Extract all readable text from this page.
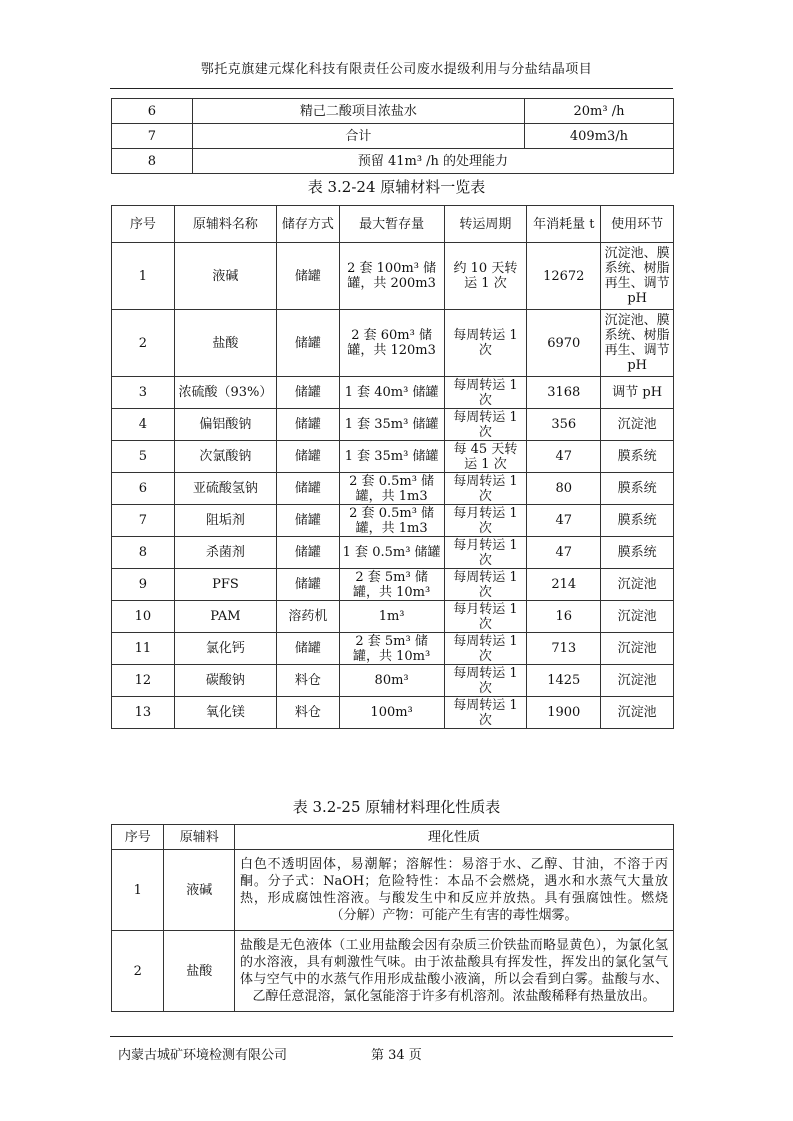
鄂托克旗建元煤化科技有限责任公司废水提级利用与分盐结晶项目
6	精己二酸项目浓盐水	20m³ /h
7	合计	409m3/h
8	预留 41m³ /h 的处理能力	
表 3.2-24 原辅材料一览表
序号	原辅料名称	储存方式	最大暂存量	转运周期	年消耗量 t	使用环节
1	液碱	储罐	2 套 100m³ 储罐，共 200m3	约 10 天转运 1 次	12672	沉淀池、膜系统、树脂再生、调节 pH
2	盐酸	储罐	2 套 60m³ 储罐，共 120m3	每周转运 1 次	6970	沉淀池、膜系统、树脂再生、调节 pH
3	浓硫酸（93%）	储罐	1 套 40m³ 储罐	每周转运 1 次	3168	调节 pH
4	偏铝酸钠	储罐	1 套 35m³ 储罐	每周转运 1 次	356	沉淀池
5	次氯酸钠	储罐	1 套 35m³ 储罐	每 45 天转运 1 次	47	膜系统
6	亚硫酸氢钠	储罐	2 套 0.5m³ 储罐，共 1m3	每周转运 1 次	80	膜系统
7	阻垢剂	储罐	2 套 0.5m³ 储罐，共 1m3	每月转运 1 次	47	膜系统
8	杀菌剂	储罐	1 套 0.5m³ 储罐	每月转运 1 次	47	膜系统
9	PFS	储罐	2 套 5m³ 储罐，共 10m³	每周转运 1 次	214	沉淀池
10	PAM	溶药机	1m³	每月转运 1 次	16	沉淀池
11	氯化钙	储罐	2 套 5m³ 储罐，共 10m³	每周转运 1 次	713	沉淀池
12	碳酸钠	料仓	80m³	每周转运 1 次	1425	沉淀池
13	氧化镁	料仓	100m³	每周转运 1 次	1900	沉淀池
表 3.2-25 原辅材料理化性质表
序号	原辅料	理化性质
1	液碱	白色不透明固体，易潮解；溶解性：易溶于水、乙醇、甘油，不溶于丙酮。分子式：NaOH；危险特性：本品不会燃烧，遇水和水蒸气大量放热，形成腐蚀性溶液。与酸发生中和反应并放热。具有强腐蚀性。燃烧（分解）产物：可能产生有害的毒性烟雾。
2	盐酸	盐酸是无色液体（工业用盐酸会因有杂质三价铁盐而略显黄色），为氯化氢的水溶液，具有刺激性气味。由于浓盐酸具有挥发性，挥发出的氯化氢气体与空气中的水蒸气作用形成盐酸小液滴，所以会看到白雾。盐酸与水、乙醇任意混溶，氯化氢能溶于许多有机溶剂。浓盐酸稀释有热量放出。
内蒙古城矿环境检测有限公司	第 34 页
